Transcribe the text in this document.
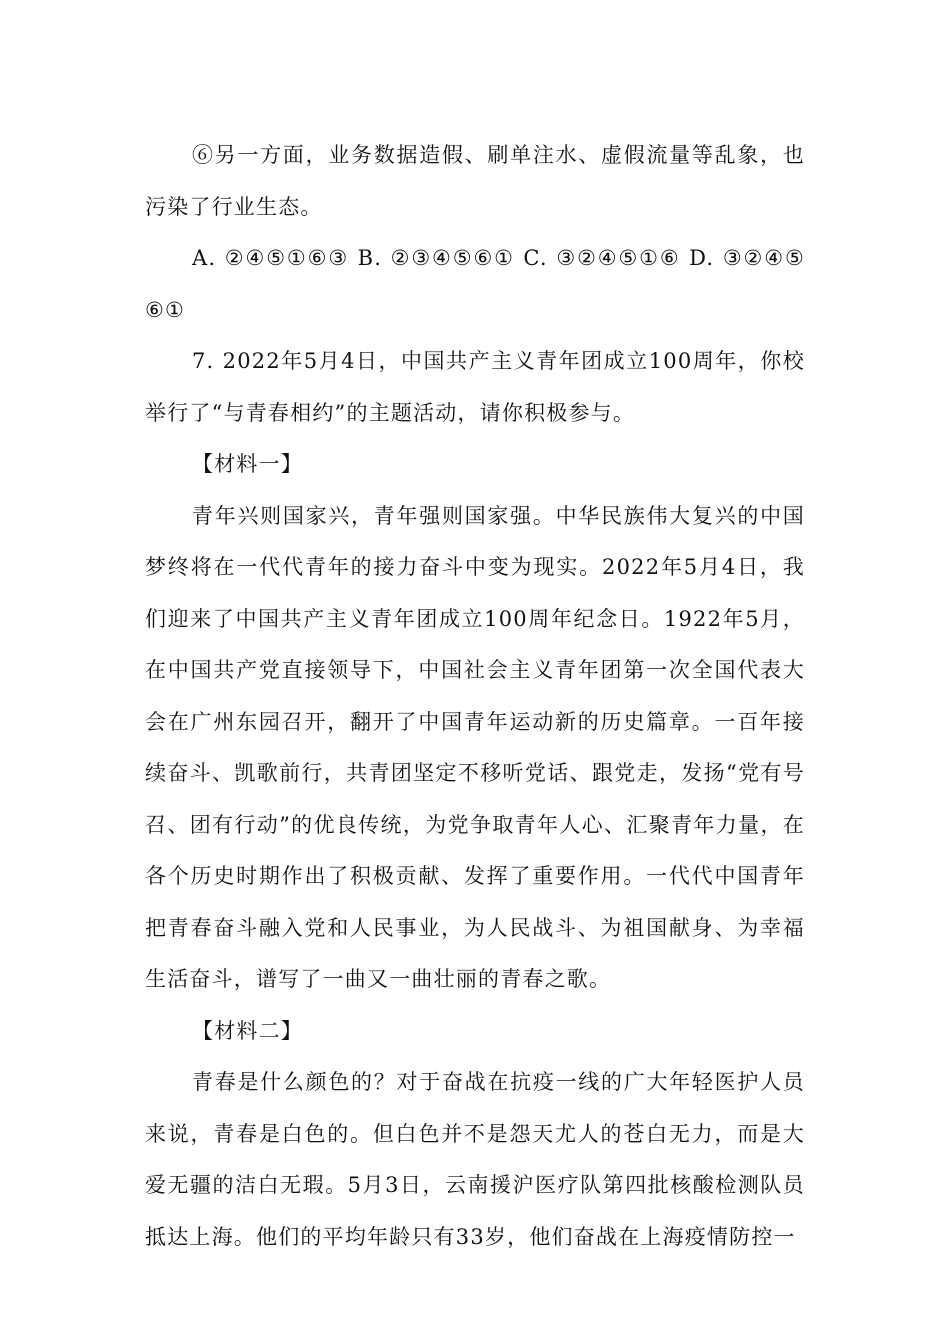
⑥另一方面，业务数据造假、刷单注水、虚假流量等乱象，也污染了行业生态。

A. ②④⑤①⑥③ B. ②③④⑤⑥① C. ③②④⑤①⑥ D. ③②④⑤⑥①

7. 2022年5月4日，中国共产主义青年团成立100周年，你校举行了“与青春相约”的主题活动，请你积极参与。

【材料一】

青年兴则国家兴，青年强则国家强。中华民族伟大复兴的中国梦终将在一代代青年的接力奋斗中变为现实。2022年5月4日，我们迎来了中国共产主义青年团成立100周年纪念日。1922年5月，在中国共产党直接领导下，中国社会主义青年团第一次全国代表大会在广州东园召开，翻开了中国青年运动新的历史篇章。一百年接续奋斗、凯歌前行，共青团坚定不移听党话、跟党走，发扬“党有号召、团有行动”的优良传统，为党争取青年人心、汇聚青年力量，在各个历史时期作出了积极贡献、发挥了重要作用。一代代中国青年把青春奋斗融入党和人民事业，为人民战斗、为祖国献身、为幸福生活奋斗，谱写了一曲又一曲壮丽的青春之歌。

【材料二】

青春是什么颜色的？对于奋战在抗疫一线的广大年轻医护人员来说，青春是白色的。但白色并不是怨天尤人的苍白无力，而是大爱无疆的洁白无瑕。5月3日，云南援沪医疗队第四批核酸检测队员抵达上海。他们的平均年龄只有33岁，他们奋战在上海疫情防控一
